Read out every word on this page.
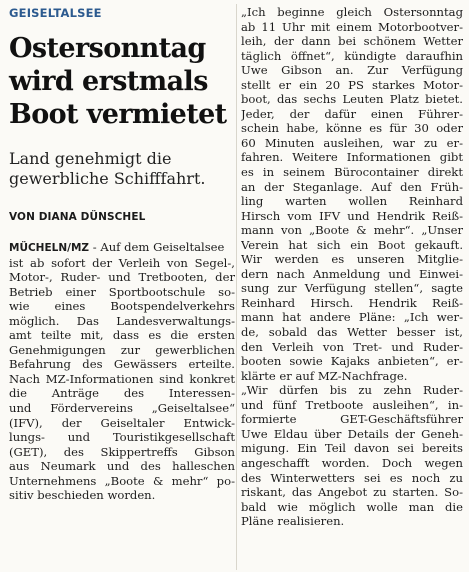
GEISELTALSEE
Ostersonntag
wird erstmals
Boot vermietet
Land genehmigt die
gewerbliche Schifffahrt.
VON DIANA DÜNSCHEL
MÜCHELN/MZ - Auf dem Geiseltalsee
ist ab sofort der Verleih von Segel-,
Motor-, Ruder- und Tretbooten, der
Betrieb einer Sportbootschule so-
wie eines Bootspendelverkehrs
möglich. Das Landesverwaltungs-
amt teilte mit, dass es die ersten
Genehmigungen zur gewerblichen
Befahrung des Gewässers erteilte.
Nach MZ-Informationen sind konkret
die Anträge des Interessen-
und Fördervereins „Geiseltalsee“
(IFV), der Geiseltaler Entwick-
lungs- und Touristikgesellschaft
(GET), des Skippertreffs Gibson
aus Neumark und des halleschen
Unternehmens „Boote & mehr“ po-
sitiv beschieden worden.
„Ich beginne gleich Ostersonntag
ab 11 Uhr mit einem Motorbootver-
leih, der dann bei schönem Wetter
täglich öffnet“, kündigte daraufhin
Uwe Gibson an. Zur Verfügung
stellt er ein 20 PS starkes Motor-
boot, das sechs Leuten Platz bietet.
Jeder, der dafür einen Führer-
schein habe, könne es für 30 oder
60 Minuten ausleihen, war zu er-
fahren. Weitere Informationen gibt
es in seinem Bürocontainer direkt
an der Steganlage. Auf den Früh-
ling warten wollen Reinhard
Hirsch vom IFV und Hendrik Reiß-
mann von „Boote & mehr“. „Unser
Verein hat sich ein Boot gekauft.
Wir werden es unseren Mitglie-
dern nach Anmeldung und Einwei-
sung zur Verfügung stellen“, sagte
Reinhard Hirsch. Hendrik Reiß-
mann hat andere Pläne: „Ich wer-
de, sobald das Wetter besser ist,
den Verleih von Tret- und Ruder-
booten sowie Kajaks anbieten“, er-
klärte er auf MZ-Nachfrage.
„Wir dürfen bis zu zehn Ruder-
und fünf Tretboote ausleihen“, in-
formierte GET-Geschäftsführer
Uwe Eldau über Details der Geneh-
migung. Ein Teil davon sei bereits
angeschafft worden. Doch wegen
des Winterwetters sei es noch zu
riskant, das Angebot zu starten. So-
bald wie möglich wolle man die
Pläne realisieren.
